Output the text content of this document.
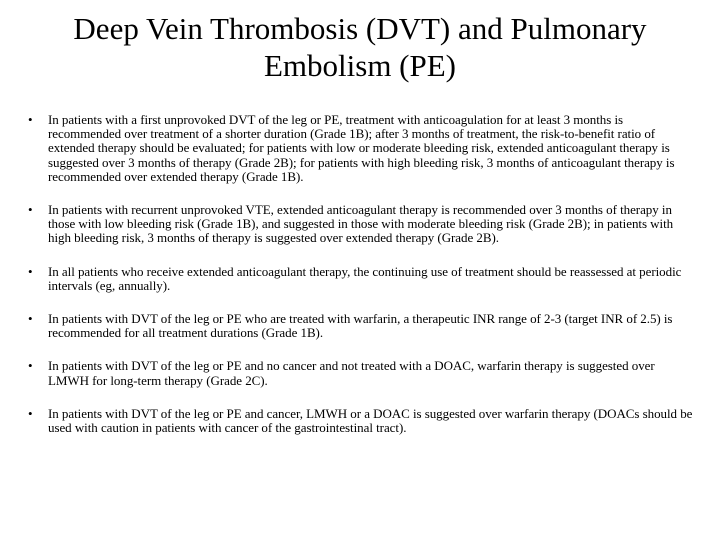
Deep Vein Thrombosis (DVT) and Pulmonary Embolism (PE)
•	In patients with a first unprovoked DVT of the leg or PE, treatment with anticoagulation for at least 3 months is recommended over treatment of a shorter duration (Grade 1B); after 3 months of treatment, the risk-to-benefit ratio of extended therapy should be evaluated; for patients with low or moderate bleeding risk, extended anticoagulant therapy is suggested over 3 months of therapy (Grade 2B); for patients with high bleeding risk, 3 months of anticoagulant therapy is recommended over extended therapy (Grade 1B).
•	In patients with recurrent unprovoked VTE, extended anticoagulant therapy is recommended over 3 months of therapy in those with low bleeding risk (Grade 1B), and suggested in those with moderate bleeding risk (Grade 2B); in patients with high bleeding risk, 3 months of therapy is suggested over extended therapy (Grade 2B).
•	In all patients who receive extended anticoagulant therapy, the continuing use of treatment should be reassessed at periodic intervals (eg, annually).
•	In patients with DVT of the leg or PE who are treated with warfarin, a therapeutic INR range of 2-3 (target INR of 2.5) is recommended for all treatment durations (Grade 1B).
•	In patients with DVT of the leg or PE and no cancer and not treated with a DOAC, warfarin therapy is suggested over LMWH for long-term therapy (Grade 2C).
•	In patients with DVT of the leg or PE and cancer, LMWH or a DOAC is suggested over warfarin therapy (DOACs should be used with caution in patients with cancer of the gastrointestinal tract).
